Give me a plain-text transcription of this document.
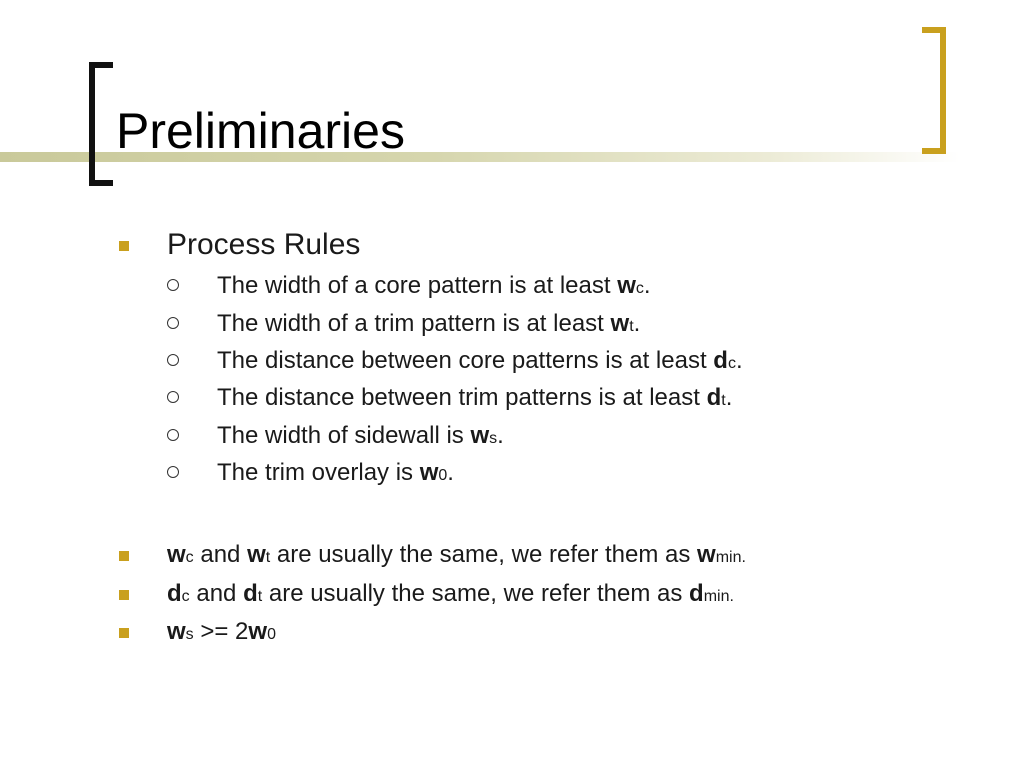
Preliminaries
Process Rules
The width of a core pattern is at least wc.
The width of a trim pattern is at least wt.
The distance between core patterns is at least dc.
The distance between trim patterns is at least dt.
The width of sidewall is ws.
The trim overlay is w0.
wc and wt are usually the same, we refer them as wmin.
dc and dt are usually the same, we refer them as dmin.
ws >= 2w0
